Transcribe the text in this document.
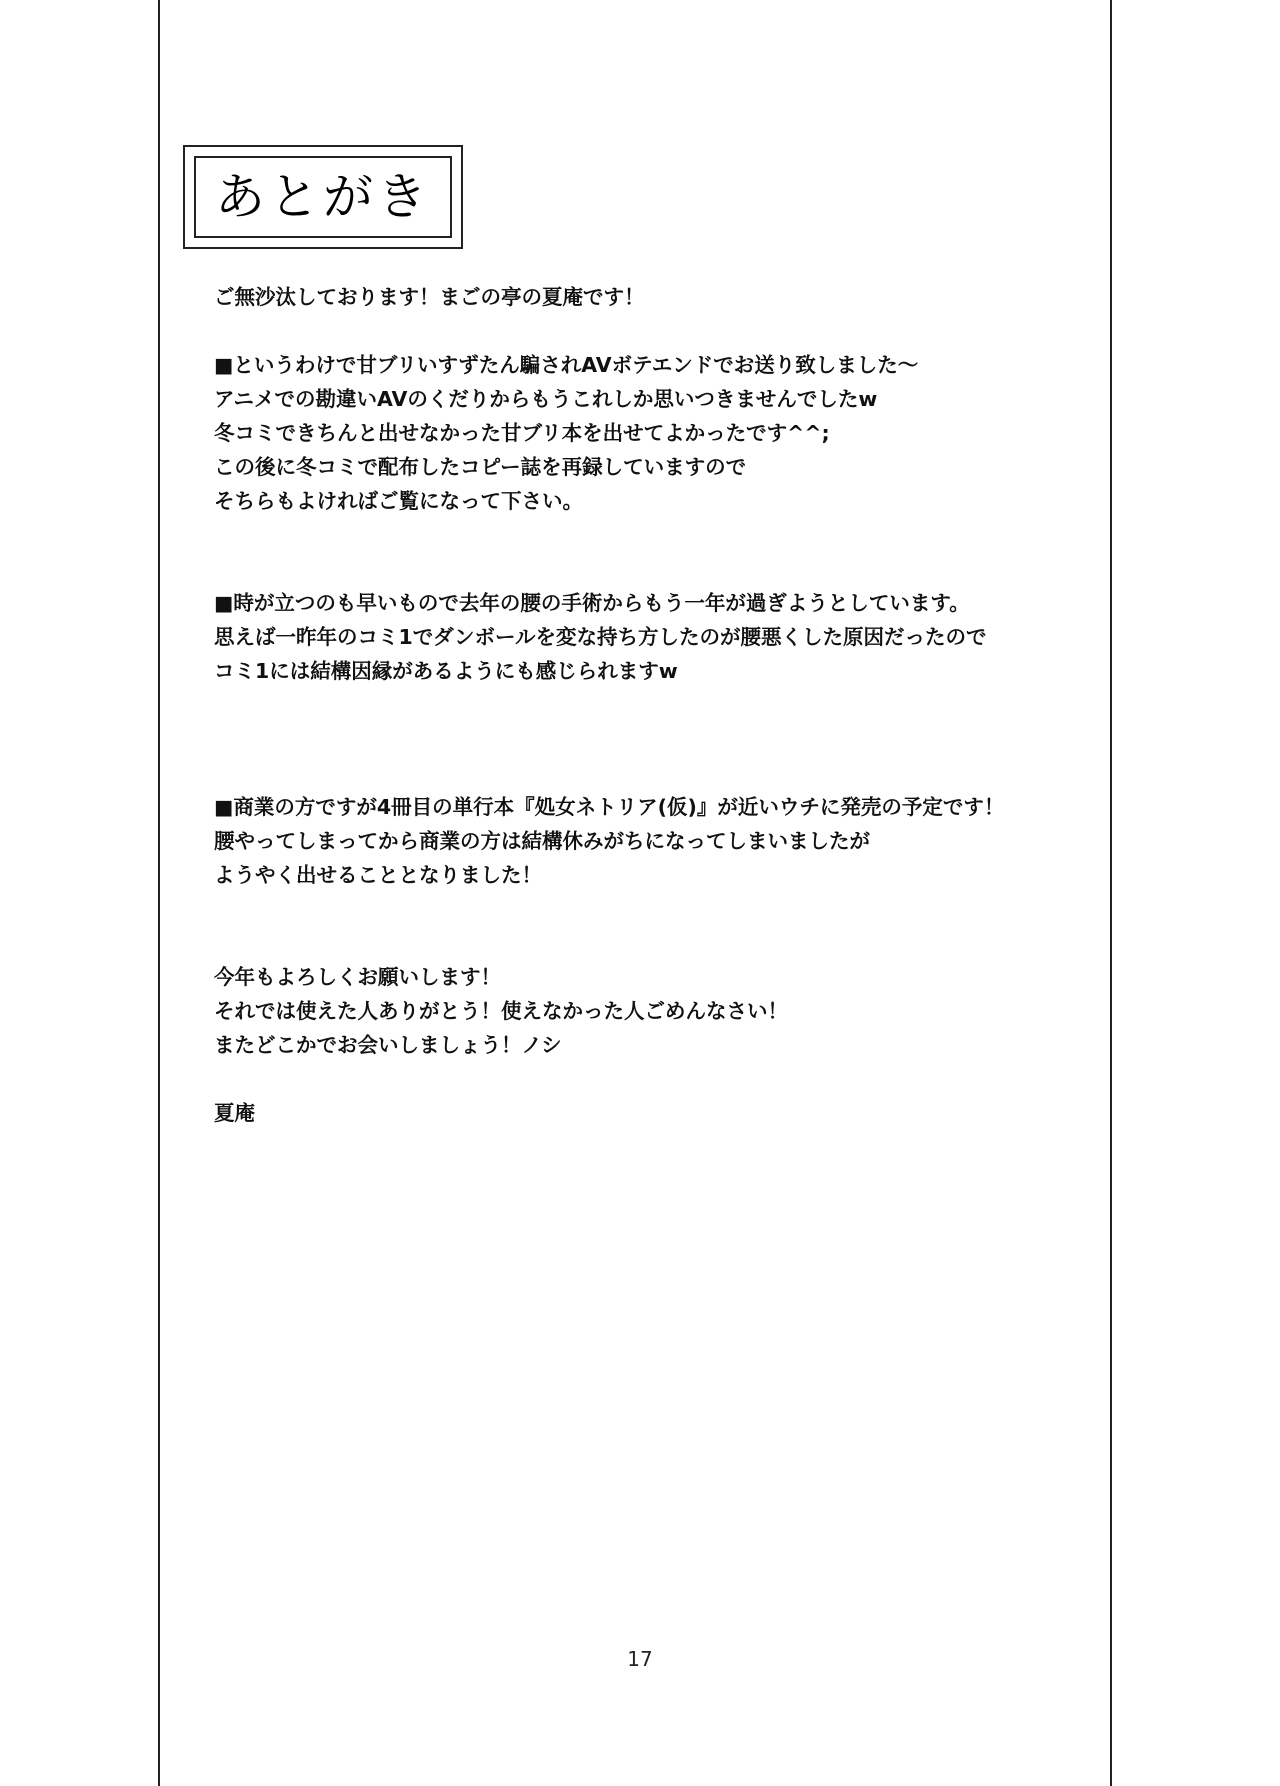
あとがき

ご無沙汰しております！まごの亭の夏庵です！

■というわけで甘ブリいすずたん騙されAVボテエンドでお送り致しました～
アニメでの勘違いAVのくだりからもうこれしか思いつきませんでしたw
冬コミできちんと出せなかった甘ブリ本を出せてよかったです^^;
この後に冬コミで配布したコピー誌を再録していますので
そちらもよければご覧になって下さい。

■時が立つのも早いもので去年の腰の手術からもう一年が過ぎようとしています。
思えば一昨年のコミ1でダンボールを変な持ち方したのが腰悪くした原因だったので
コミ1には結構因縁があるようにも感じられますw

■商業の方ですが4冊目の単行本『処女ネトリア(仮)』が近いウチに発売の予定です！
腰やってしまってから商業の方は結構休みがちになってしまいましたが
ようやく出せることとなりました！

今年もよろしくお願いします！
それでは使えた人ありがとう！使えなかった人ごめんなさい！
またどこかでお会いしましょう！ノシ

夏庵

17
